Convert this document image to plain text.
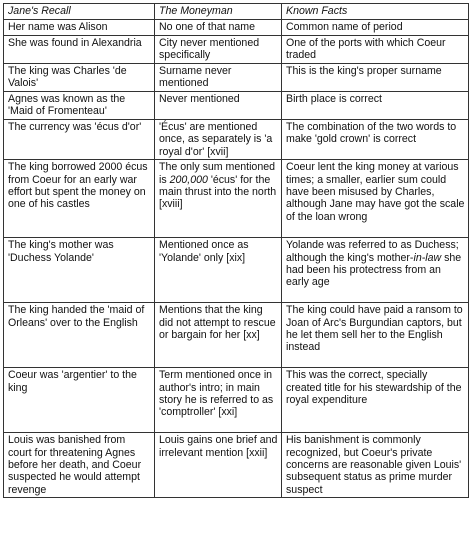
Jane's Recall	The Moneyman	Known Facts
Her name was Alison	No one of that name	Common name of period
She was found in Alexandria	City never mentioned specifically	One of the ports with which Coeur traded
The king was Charles 'de Valois'	Surname never mentioned	This is the king's proper surname
Agnes was known as the 'Maid of Fromenteau'	Never mentioned	Birth place is correct
The currency was 'écus d'or'	'Écus' are mentioned once, as separately is 'a royal d'or' [xvii]	The combination of the two words to make 'gold crown' is correct
The king borrowed 2000 écus from Coeur for an early war effort but spent the money on one of his castles	The only sum mentioned is 200,000 'écus' for the main thrust into the north [xviii]	Coeur lent the king money at various times; a smaller, earlier sum could have been misused by Charles, although Jane may have got the scale of the loan wrong
The king's mother was 'Duchess Yolande'	Mentioned once as 'Yolande' only [xix]	Yolande was referred to as Duchess; although the king's mother-in-law she had been his protectress from an early age
The king handed the 'maid of Orleans' over to the English	Mentions that the king did not attempt to rescue or bargain for her [xx]	The king could have paid a ransom to Joan of Arc's Burgundian captors, but he let them sell her to the English instead
Coeur was 'argentier' to the king	Term mentioned once in author's intro; in main story he is referred to as 'comptroller' [xxi]	This was the correct, specially created title for his stewardship of the royal expenditure
Louis was banished from court for threatening Agnes before her death, and Coeur suspected he would attempt revenge	Louis gains one brief and irrelevant mention [xxii]	His banishment is commonly recognized, but Coeur's private concerns are reasonable given Louis' subsequent status as prime murder suspect
